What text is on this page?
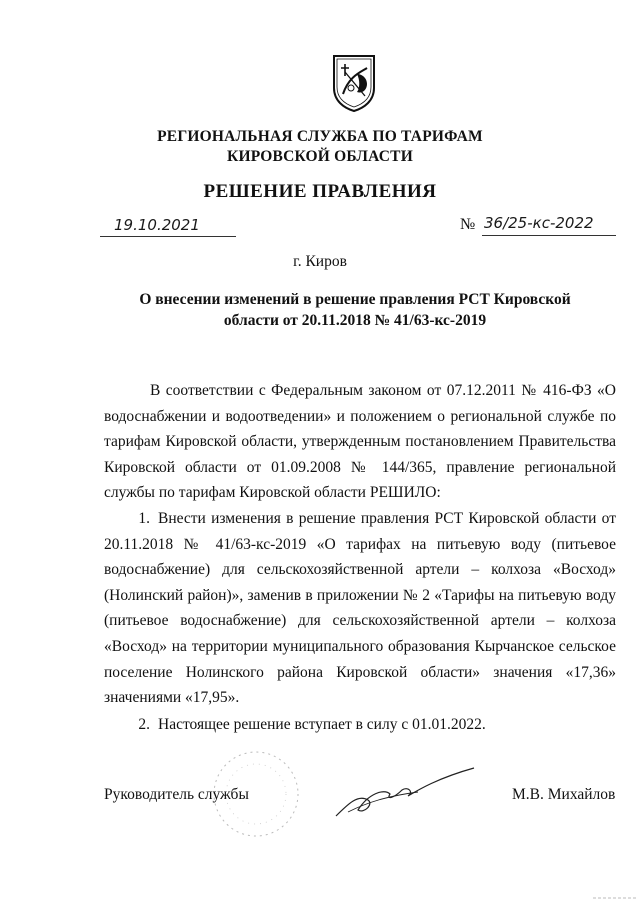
РЕГИОНАЛЬНАЯ СЛУЖБА ПО ТАРИФАМ
КИРОВСКОЙ ОБЛАСТИ
РЕШЕНИЕ ПРАВЛЕНИЯ
19.10.2021	№ 36/25-кс-2022
г. Киров
О внесении изменений в решение правления РСТ Кировской
области от 20.11.2018 № 41/63-кс-2019
В соответствии с Федеральным законом от 07.12.2011 № 416-ФЗ «О водоснабжении и водоотведении» и положением о региональной службе по тарифам Кировской области, утвержденным постановлением Правительства Кировской области от 01.09.2008 № 144/365, правление региональной службы по тарифам Кировской области РЕШИЛО:
1. Внести изменения в решение правления РСТ Кировской области от 20.11.2018 № 41/63-кс-2019 «О тарифах на питьевую воду (питьевое водоснабжение) для сельскохозяйственной артели – колхоза «Восход» (Нолинский район)», заменив в приложении № 2 «Тарифы на питьевую воду (питьевое водоснабжение) для сельскохозяйственной артели – колхоза «Восход» на территории муниципального образования Кырчанское сельское поселение Нолинского района Кировской области» значения «17,36» значениями «17,95».
2. Настоящее решение вступает в силу с 01.01.2022.
Руководитель службы	М.В. Михайлов
